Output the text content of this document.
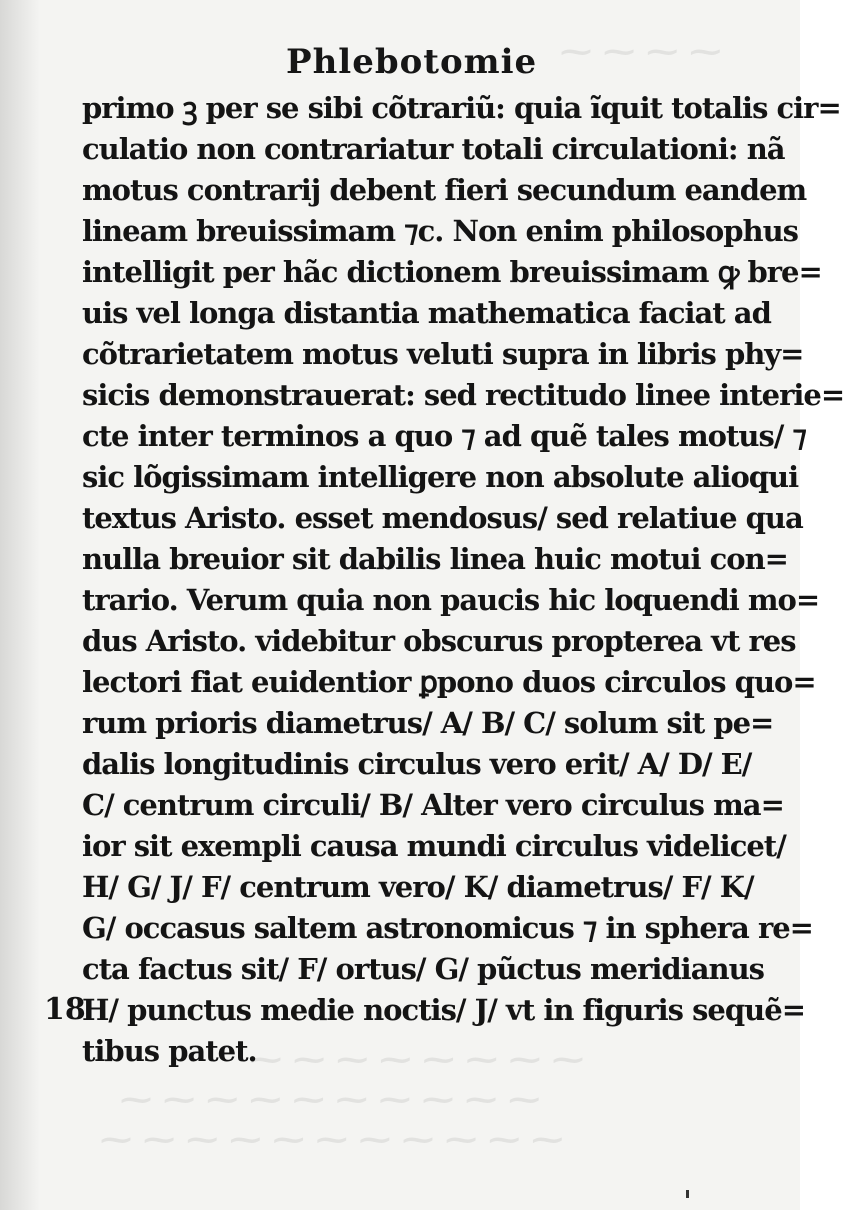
⁓ ⁓ ⁓ ⁓
⁓ ⁓ ⁓ ⁓ ⁓ ⁓ ⁓ ⁓
⁓ ⁓ ⁓ ⁓ ⁓ ⁓ ⁓ ⁓ ⁓ ⁓
⁓ ⁓ ⁓ ⁓ ⁓ ⁓ ⁓ ⁓ ⁓ ⁓ ⁓
Phlebotomie
primo ꝫ per se sibi cõtrariũ: quia ĩquit totalis cir=
culatio non contrariatur totali circulationi: nã
motus contrarij debent fieri secundum eandem
lineam breuissimam ⁊c. Non enim philosophus
intelligit per hãc dictionem breuissimam ꝙ bre=
uis vel longa distantia mathematica faciat ad
cõtrarietatem motus veluti supra in libris phy=
sicis demonstrauerat: sed rectitudo linee interie=
cte inter terminos a quo ⁊ ad quẽ tales motus/ ⁊
sic lõgissimam intelligere non absolute alioqui
textus Aristo. esset mendosus/ sed relatiue qua
nulla breuior sit dabilis linea huic motui con=
trario. Verum quia non paucis hic loquendi mo=
dus Aristo. videbitur obscurus propterea vt res
lectori fiat euidentior ꝑpono duos circulos quo=
rum prioris diametrus/ A/ B/ C/ solum sit pe=
dalis longitudinis circulus vero erit/ A/ D/ E/
C/ centrum circuli/ B/ Alter vero circulus ma=
ior sit exempli causa mundi circulus videlicet/
H/ G/ J/ F/ centrum vero/ K/ diametrus/ F/ K/
G/ occasus saltem astronomicus ⁊ in sphera re=
cta factus sit/ F/ ortus/ G/ pũctus meridianus
H/ punctus medie noctis/ J/ vt in figuris sequẽ=
tibus patet.
18
